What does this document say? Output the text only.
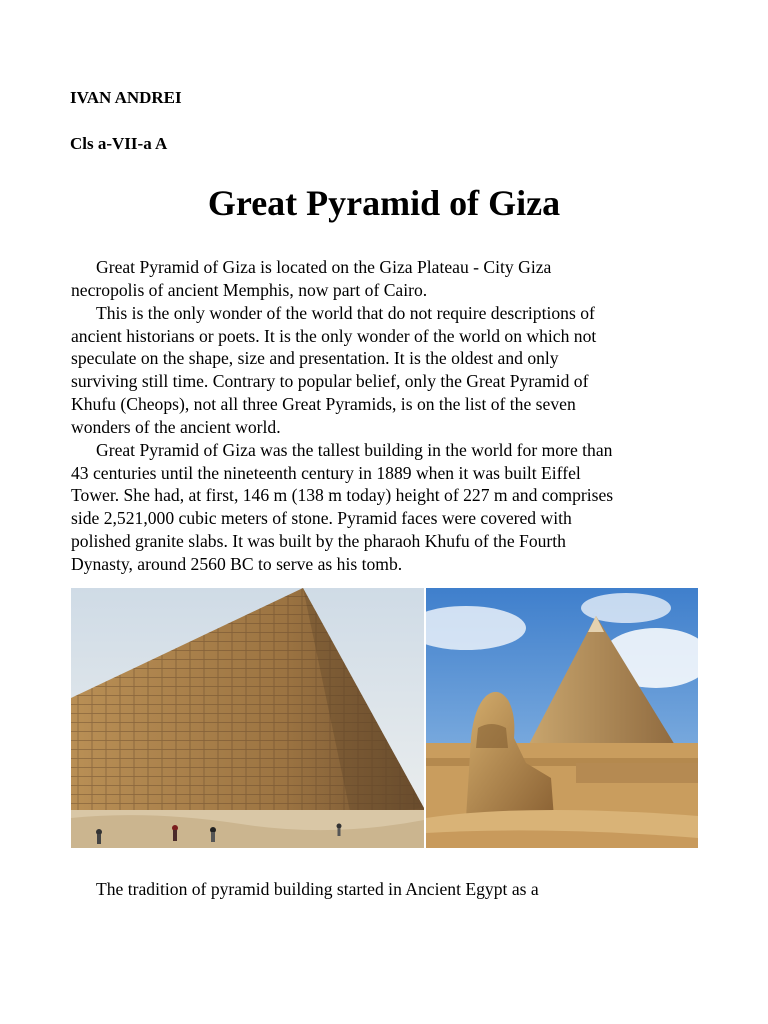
IVAN ANDREI

Cls a-VII-a A

Great Pyramid of Giza
Great Pyramid of Giza is located on the Giza Plateau - City Giza
necropolis of ancient Memphis, now part of Cairo.
This is the only wonder of the world that do not require descriptions of
ancient historians or poets. It is the only wonder of the world on which not
speculate on the shape, size and presentation. It is the oldest and only
surviving still time. Contrary to popular belief, only the Great Pyramid of
Khufu (Cheops), not all three Great Pyramids, is on the list of the seven
wonders of the ancient world.
Great Pyramid of Giza was the tallest building in the world for more than
43 centuries until the nineteenth century in 1889 when it was built Eiffel
Tower. She had, at first, 146 m (138 m today) height of 227 m and comprises
side 2,521,000 cubic meters of stone. Pyramid faces were covered with
polished granite slabs. It was built by the pharaoh Khufu of the Fourth
Dynasty, around 2560 BC to serve as his tomb.

The tradition of pyramid building started in Ancient Egypt as a
